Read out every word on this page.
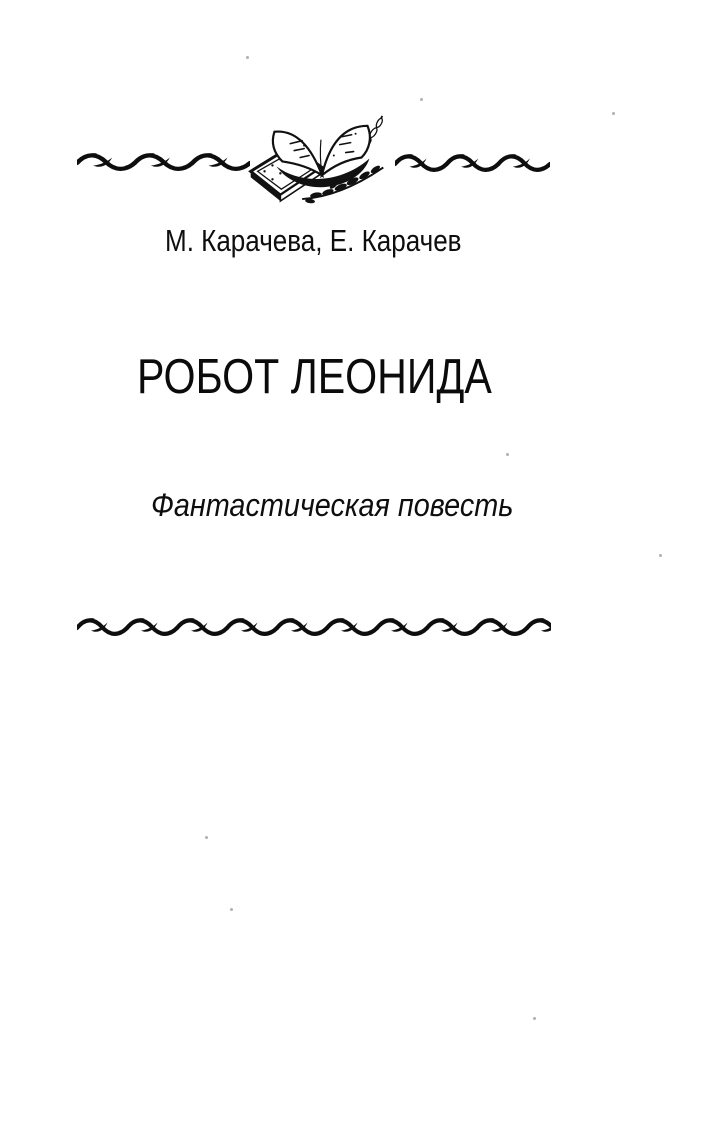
М. Карачева, Е. Карачев
РОБОТ ЛЕОНИДА
Фантастическая повесть
